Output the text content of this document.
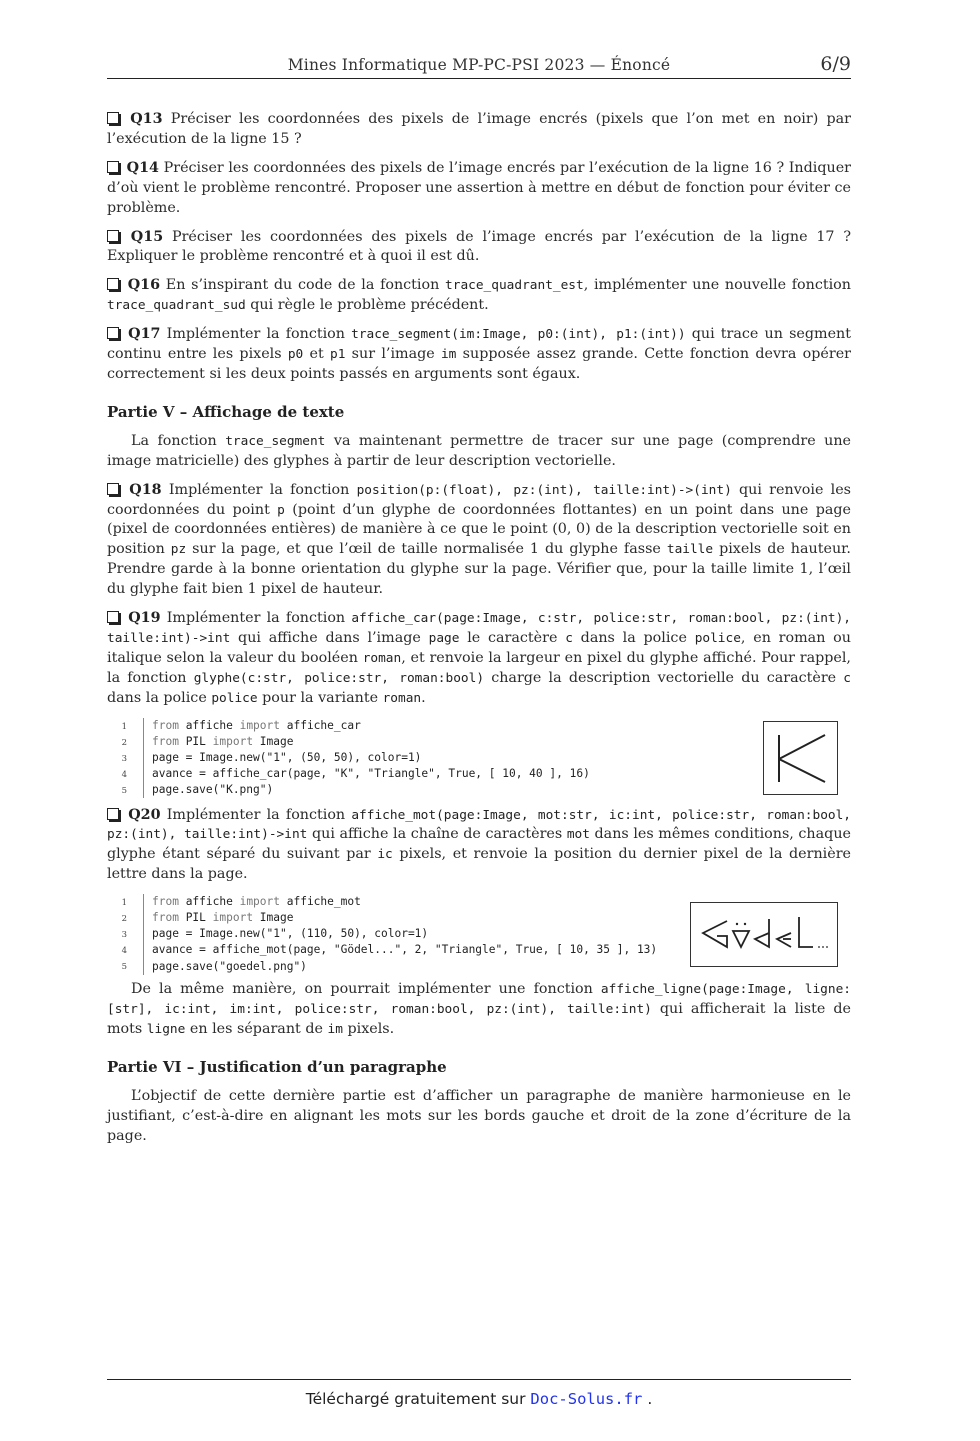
Mines Informatique MP-PC-PSI 2023 — Énoncé	6/9

Q13 Préciser les coordonnées des pixels de l’image encrés (pixels que l’on met en noir) par l’exécution de la ligne 15 ?

Q14 Préciser les coordonnées des pixels de l’image encrés par l’exécution de la ligne 16 ? Indiquer d’où vient le problème rencontré. Proposer une assertion à mettre en début de fonction pour éviter ce problème.

Q15 Préciser les coordonnées des pixels de l’image encrés par l’exécution de la ligne 17 ? Expliquer le problème rencontré et à quoi il est dû.

Q16 En s’inspirant du code de la fonction trace_quadrant_est, implémenter une nouvelle fonction trace_quadrant_sud qui règle le problème précédent.

Q17 Implémenter la fonction trace_segment(im:Image, p0:(int), p1:(int)) qui trace un segment continu entre les pixels p0 et p1 sur l’image im supposée assez grande. Cette fonction devra opérer correctement si les deux points passés en arguments sont égaux.

Partie V – Affichage de texte

La fonction trace_segment va maintenant permettre de tracer sur une page (comprendre une image matricielle) des glyphes à partir de leur description vectorielle.

Q18 Implémenter la fonction position(p:(float), pz:(int), taille:int)->(int) qui renvoie les coordonnées du point p (point d’un glyphe de coordonnées flottantes) en un point dans une page (pixel de coordonnées entières) de manière à ce que le point (0, 0) de la description vectorielle soit en position pz sur la page, et que l’œil de taille normalisée 1 du glyphe fasse taille pixels de hauteur. Prendre garde à la bonne orientation du glyphe sur la page. Vérifier que, pour la taille limite 1, l’œil du glyphe fait bien 1 pixel de hauteur.

Q19 Implémenter la fonction affiche_car(page:Image, c:str, police:str, roman:bool, pz:(int), taille:int)->int qui affiche dans l’image page le caractère c dans la police police, en roman ou italique selon la valeur du booléen roman, et renvoie la largeur en pixel du glyphe affiché. Pour rappel, la fonction glyphe(c:str, police:str, roman:bool) charge la description vectorielle du caractère c dans la police police pour la variante roman.

1
2
3
4
5
from affiche import affiche_car
from PIL import Image
page = Image.new("1", (50, 50), color=1)
avance = affiche_car(page, "K", "Triangle", True, [ 10, 40 ], 16)
page.save("K.png")

Q20 Implémenter la fonction affiche_mot(page:Image, mot:str, ic:int, police:str, roman:bool, pz:(int), taille:int)->int qui affiche la chaîne de caractères mot dans les mêmes conditions, chaque glyphe étant séparé du suivant par ic pixels, et renvoie la position du dernier pixel de la dernière lettre dans la page.

1
2
3
4
5
from affiche import affiche_mot
from PIL import Image
page = Image.new("1", (110, 50), color=1)
avance = affiche_mot(page, "Gödel...", 2, "Triangle", True, [ 10, 35 ], 13)
page.save("goedel.png")

De la même manière, on pourrait implémenter une fonction affiche_ligne(page:Image, ligne:[str], ic:int, im:int, police:str, roman:bool, pz:(int), taille:int) qui afficherait la liste de mots ligne en les séparant de im pixels.

Partie VI – Justification d’un paragraphe

L’objectif de cette dernière partie est d’afficher un paragraphe de manière harmonieuse en le justifiant, c’est-à-dire en alignant les mots sur les bords gauche et droit de la zone d’écriture de la page.

Téléchargé gratuitement sur Doc-Solus.fr .
